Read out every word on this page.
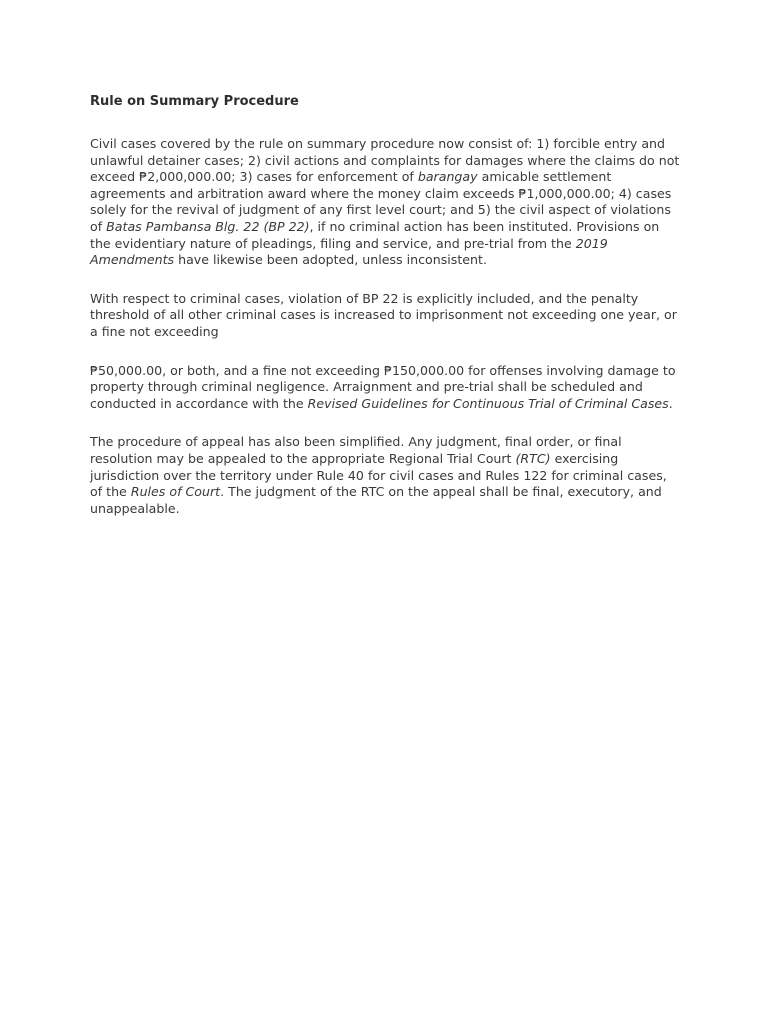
Rule on Summary Procedure

Civil cases covered by the rule on summary procedure now consist of: 1) forcible entry and unlawful detainer cases; 2) civil actions and complaints for damages where the claims do not exceed ₱2,000,000.00; 3) cases for enforcement of barangay amicable settlement agreements and arbitration award where the money claim exceeds ₱1,000,000.00; 4) cases solely for the revival of judgment of any first level court; and 5) the civil aspect of violations of Batas Pambansa Blg. 22 (BP 22), if no criminal action has been instituted. Provisions on the evidentiary nature of pleadings, filing and service, and pre-trial from the 2019 Amendments have likewise been adopted, unless inconsistent.

With respect to criminal cases, violation of BP 22 is explicitly included, and the penalty threshold of all other criminal cases is increased to imprisonment not exceeding one year, or a fine not exceeding

₱50,000.00, or both, and a fine not exceeding ₱150,000.00 for offenses involving damage to property through criminal negligence. Arraignment and pre-trial shall be scheduled and conducted in accordance with the Revised Guidelines for Continuous Trial of Criminal Cases.

The procedure of appeal has also been simplified. Any judgment, final order, or final resolution may be appealed to the appropriate Regional Trial Court (RTC) exercising jurisdiction over the territory under Rule 40 for civil cases and Rules 122 for criminal cases, of the Rules of Court. The judgment of the RTC on the appeal shall be final, executory, and unappealable.
